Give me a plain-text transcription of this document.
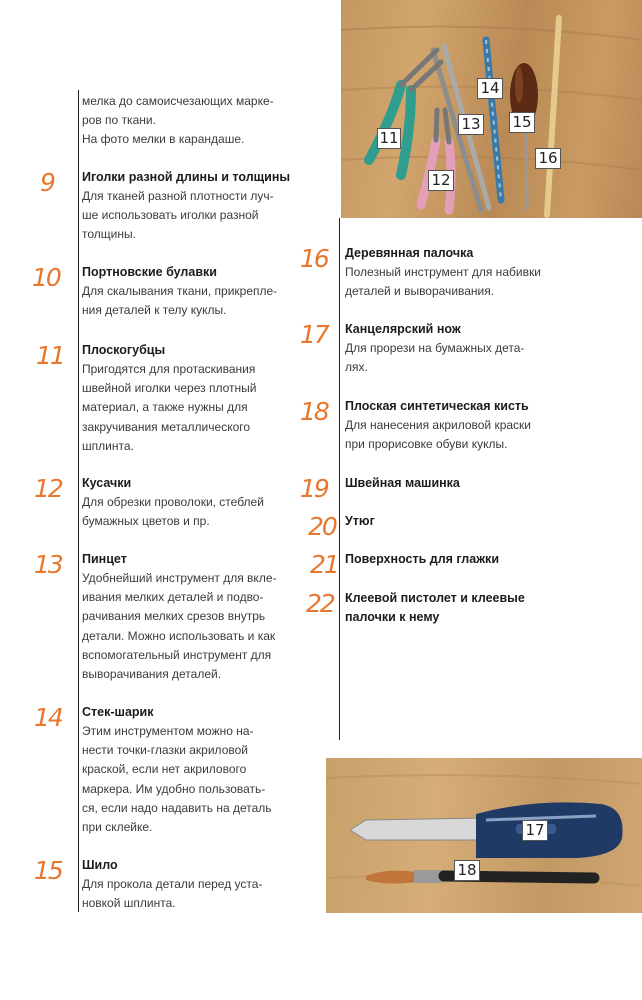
мелка до самоисчезающих марке-
ров по ткани.
На фото мелки в карандаше.
9 Иголки разной длины и толщины
Для тканей разной плотности луч-
ше использовать иголки разной
толщины.
10 Портновские булавки
Для скалывания ткани, прикрепле-
ния деталей к телу куклы.
11 Плоскогубцы
Пригодятся для протаскивания
швейной иголки через плотный
материал, а также нужны для
закручивания металлического
шплинта.
12 Кусачки
Для обрезки проволоки, стеблей
бумажных цветов и пр.
13 Пинцет
Удобнейший инструмент для вкле-
ивания мелких деталей и подво-
рачивания мелких срезов внутрь
детали. Можно использовать и как
вспомогательный инструмент для
выворачивания деталей.
14 Стек-шарик
Этим инструментом можно на-
нести точки-глазки акриловой
краской, если нет акрилового
маркера. Им удобно пользовать-
ся, если надо надавить на деталь
при склейке.
15 Шило
Для прокола детали перед уста-
новкой шплинта.
16 Деревянная палочка
Полезный инструмент для набивки
деталей и выворачивания.
17 Канцелярский нож
Для прорези на бумажных дета-
лях.
18 Плоская синтетическая кисть
Для нанесения акриловой краски
при прорисовке обуви куклы.
19 Швейная машинка
20 Утюг
21 Поверхность для глажки
22 Клеевой пистолет и клеевые
палочки к нему
11
12
13
14
15
16
17
18
